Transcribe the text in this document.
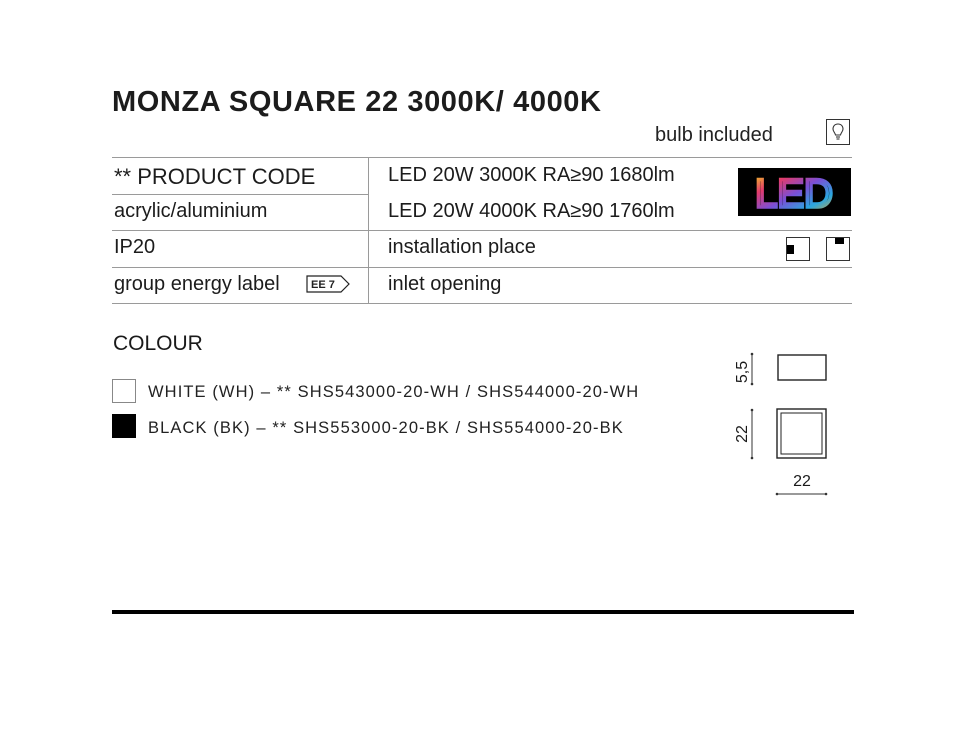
MONZA SQUARE 22 3000K/ 4000K
bulb included
** PRODUCT CODE
acrylic/aluminium
IP20
group energy label	EE 7
LED 20W 3000K RA≥90 1680lm
LED 20W 4000K RA≥90 1760lm
installation place
inlet opening
LED
COLOUR
WHITE (WH) – ** SHS543000-20-WH / SHS544000-20-WH
BLACK (BK) – ** SHS553000-20-BK / SHS554000-20-BK
5,5
22
22
